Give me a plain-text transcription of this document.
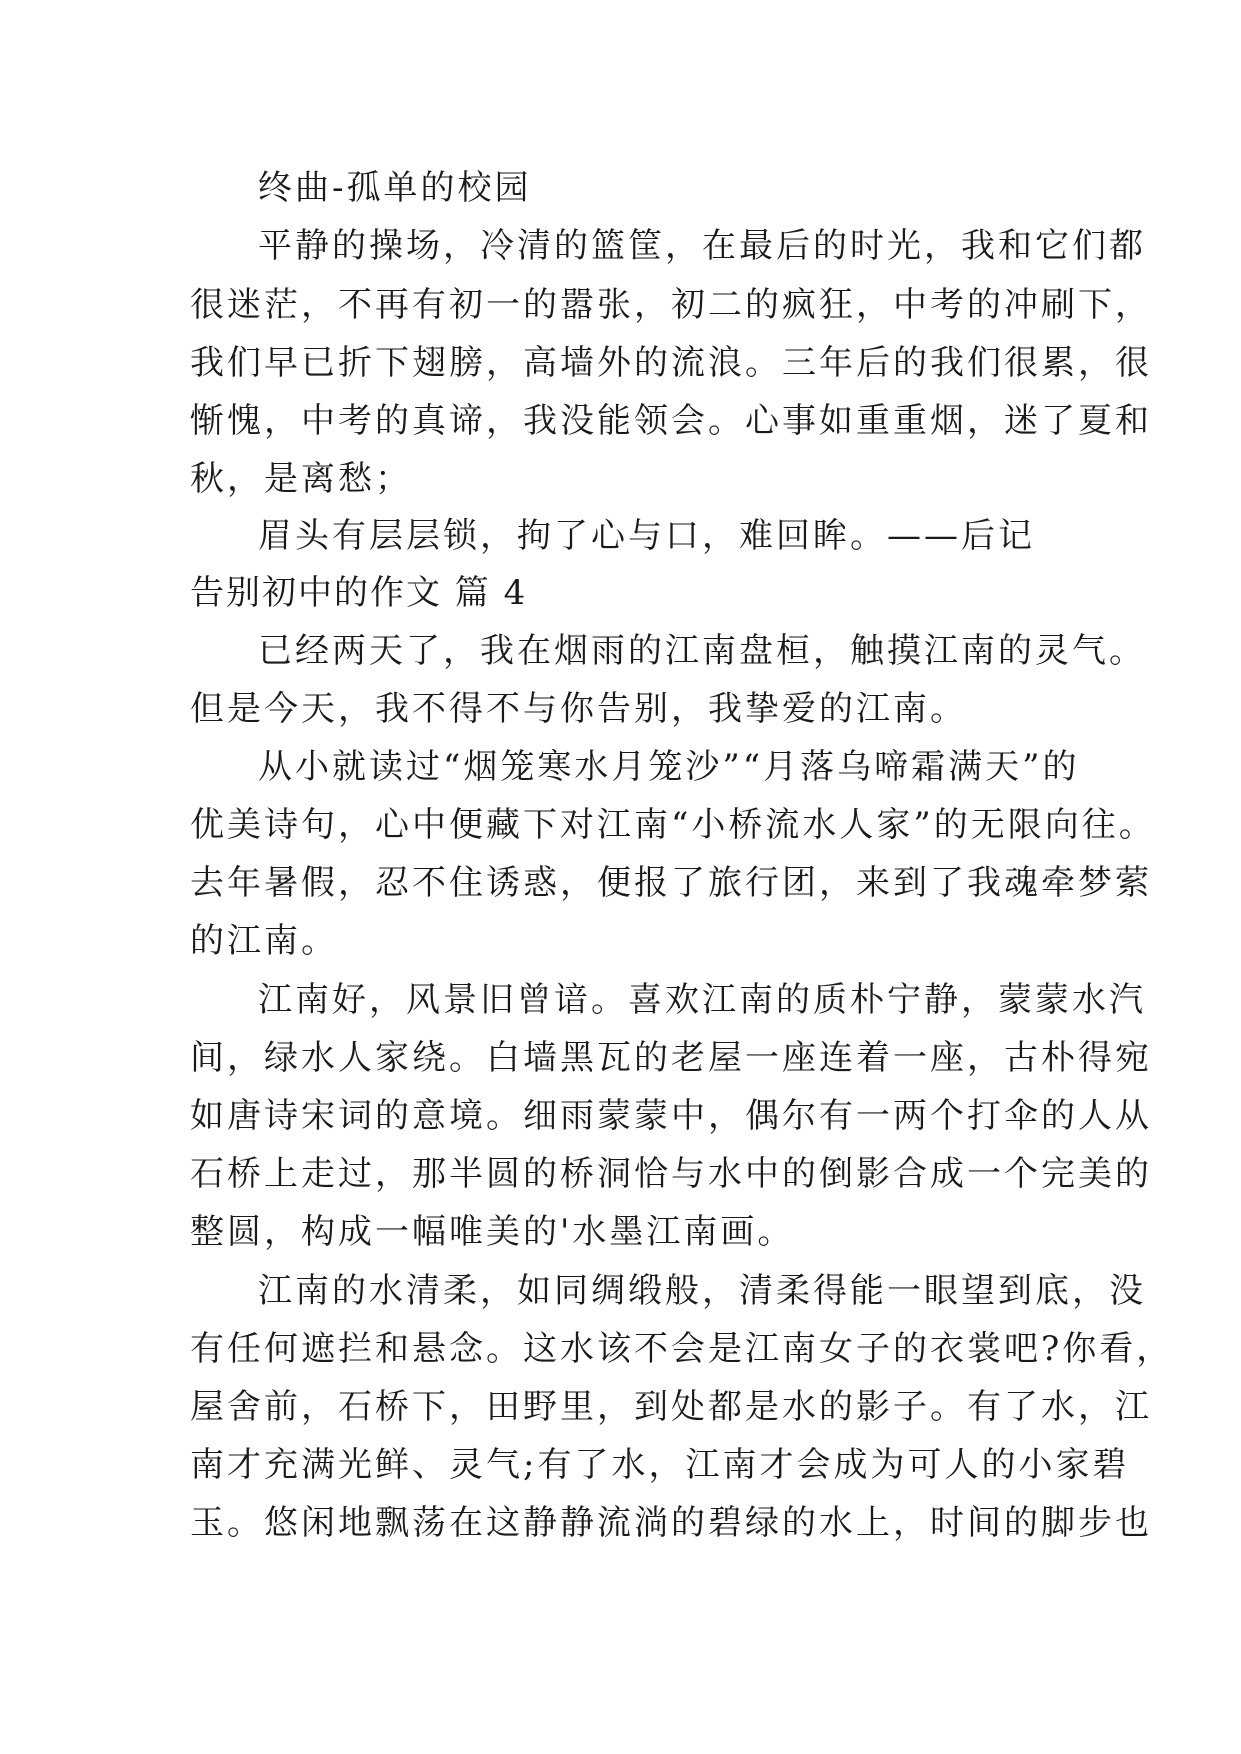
终曲-孤单的校园
平静的操场，冷清的篮筐，在最后的时光，我和它们都
很迷茫，不再有初一的嚣张，初二的疯狂，中考的冲刷下，
我们早已折下翅膀，高墙外的流浪。三年后的我们很累，很
惭愧，中考的真谛，我没能领会。心事如重重烟，迷了夏和
秋，是离愁；
眉头有层层锁，拘了心与口，难回眸。——后记
告别初中的作文 篇 4
已经两天了，我在烟雨的江南盘桓，触摸江南的灵气。
但是今天，我不得不与你告别，我挚爱的江南。
从小就读过“烟笼寒水月笼沙”“月落乌啼霜满天”的
优美诗句，心中便藏下对江南“小桥流水人家”的无限向往。
去年暑假，忍不住诱惑，便报了旅行团，来到了我魂牵梦萦
的江南。
江南好，风景旧曾谙。喜欢江南的质朴宁静，蒙蒙水汽
间，绿水人家绕。白墙黑瓦的老屋一座连着一座，古朴得宛
如唐诗宋词的意境。细雨蒙蒙中，偶尔有一两个打伞的人从
石桥上走过，那半圆的桥洞恰与水中的倒影合成一个完美的
整圆，构成一幅唯美的'水墨江南画。
江南的水清柔，如同绸缎般，清柔得能一眼望到底，没
有任何遮拦和悬念。这水该不会是江南女子的衣裳吧?你看，
屋舍前，石桥下，田野里，到处都是水的影子。有了水，江
南才充满光鲜、灵气;有了水，江南才会成为可人的小家碧
玉。悠闲地飘荡在这静静流淌的碧绿的水上，时间的脚步也
